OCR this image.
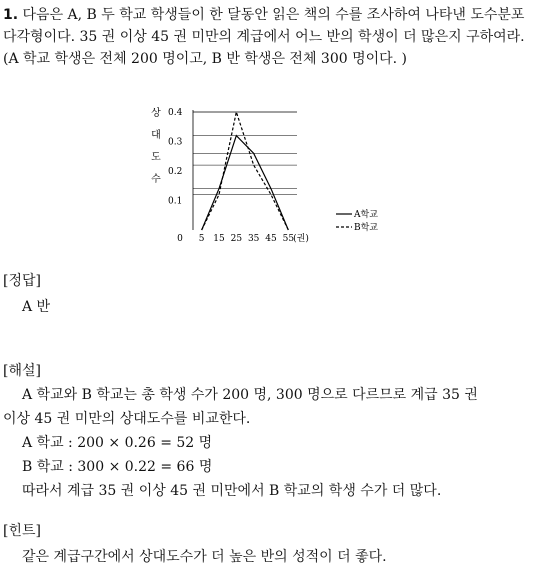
1. 다음은 A, B 두 학교 학생들이 한 달동안 읽은 책의 수를 조사하여 나타낸 도수분포다각형이다. 35 권 이상 45 권 미만의 계급에서 어느 반의 학생이 더 많은지 구하여라. (A 학교 학생은 전체 200 명이고, B 반 학생은 전체 300 명이다. )
상
대
도
수
0.1
0.2
0.3
0.4
0 5 15 25 35 45 55 (권)
A학교
B학교
[정답]
A 반
[해설]
A 학교와 B 학교는 총 학생 수가 200 명, 300 명으로 다르므로 계급 35 권
이상 45 권 미만의 상대도수를 비교한다.
A 학교 : 200 × 0.26 = 52 명
B 학교 : 300 × 0.22 = 66 명
따라서 계급 35 권 이상 45 권 미만에서 B 학교의 학생 수가 더 많다.
[힌트]
같은 계급구간에서 상대도수가 더 높은 반의 성적이 더 좋다.
